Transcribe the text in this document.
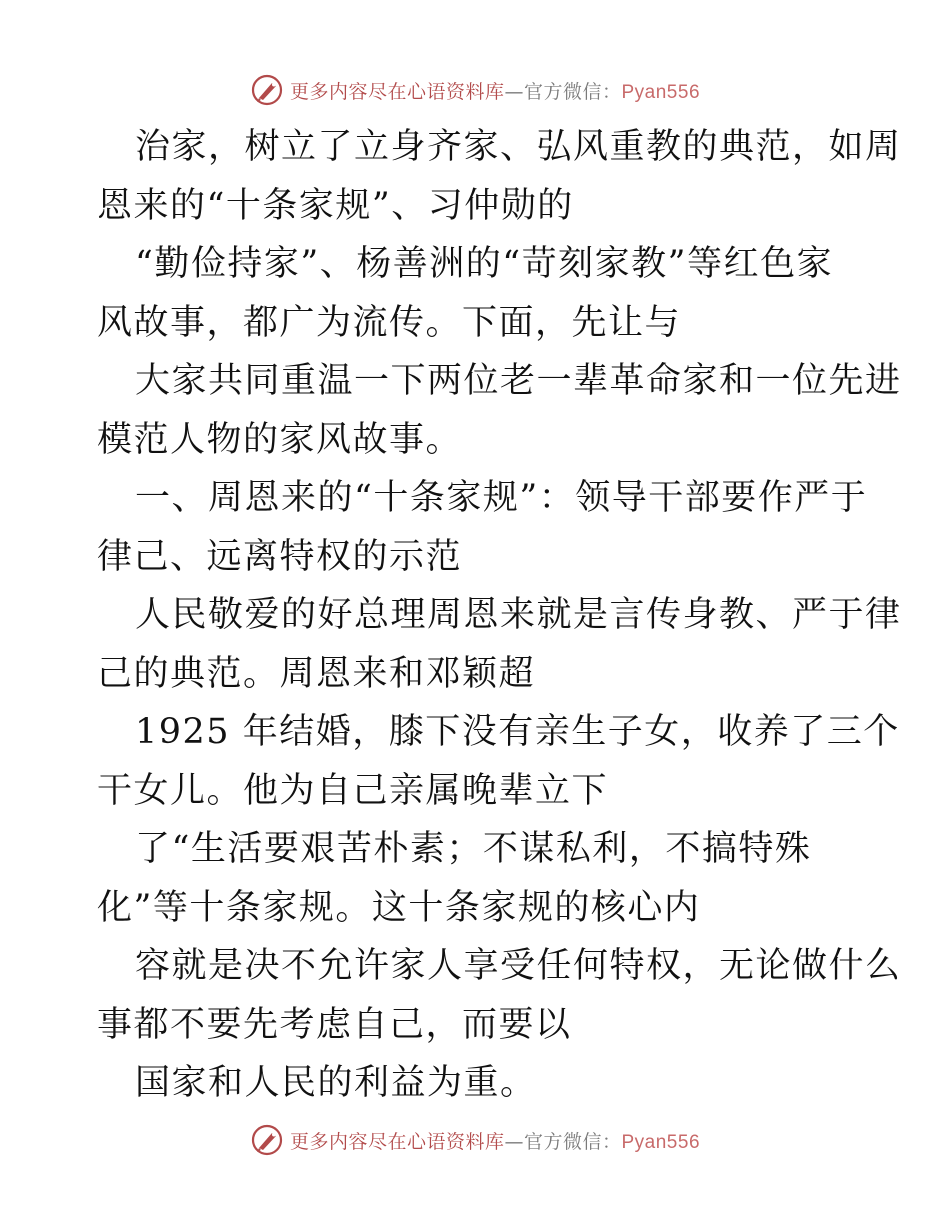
更多内容尽在心语资料库—官方微信：Pyan556
治家，树立了立身齐家、弘风重教的典范，如周
恩来的“十条家规”、习仲勋的
“勤俭持家”、杨善洲的“苛刻家教”等红色家
风故事，都广为流传。下面，先让与
大家共同重温一下两位老一辈革命家和一位先进
模范人物的家风故事。
一、周恩来的“十条家规”：领导干部要作严于
律己、远离特权的示范
人民敬爱的好总理周恩来就是言传身教、严于律
己的典范。周恩来和邓颖超
1925 年结婚，膝下没有亲生子女，收养了三个
干女儿。他为自己亲属晚辈立下
了“生活要艰苦朴素；不谋私利，不搞特殊
化”等十条家规。这十条家规的核心内
容就是决不允许家人享受任何特权，无论做什么
事都不要先考虑自己，而要以
国家和人民的利益为重。
更多内容尽在心语资料库—官方微信：Pyan556
